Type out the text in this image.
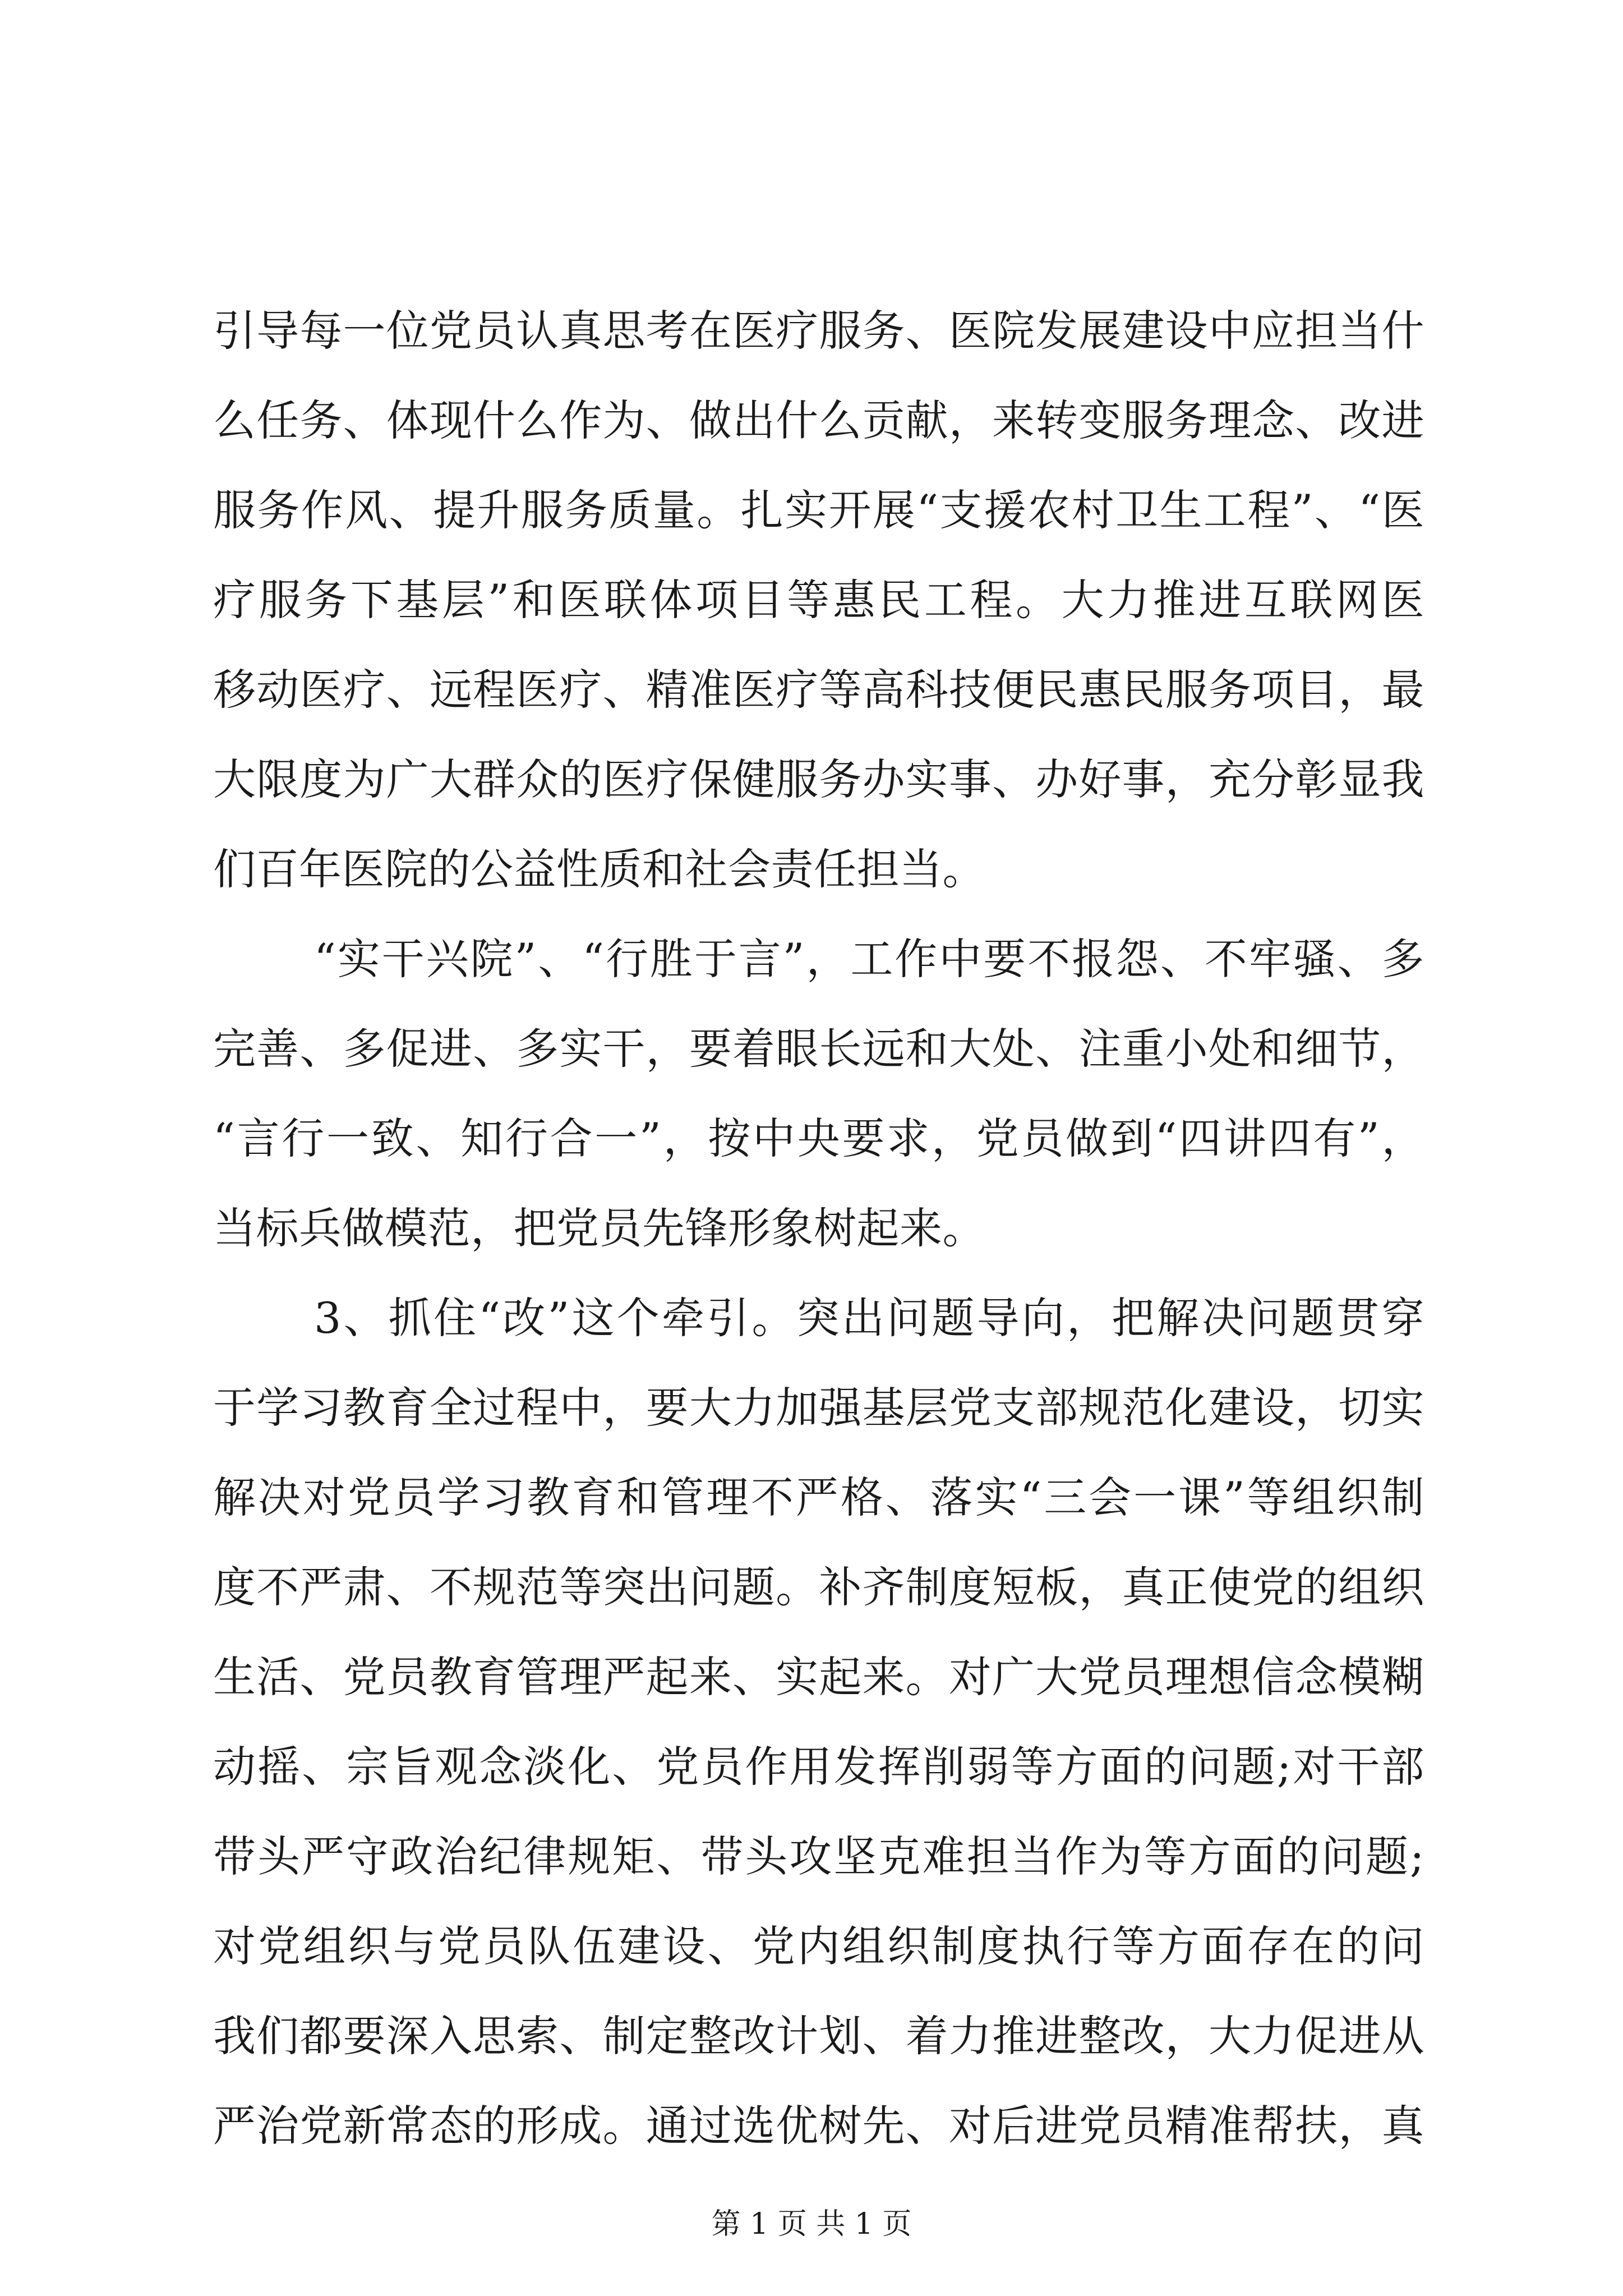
引导每一位党员认真思考在医疗服务、医院发展建设中应担当什
么任务、体现什么作为、做出什么贡献，来转变服务理念、改进
服务作风、提升服务质量。扎实开展“支援农村卫生工程”、“医
疗服务下基层”和医联体项目等惠民工程。大力推进互联网医
移动医疗、远程医疗、精准医疗等高科技便民惠民服务项目，最
大限度为广大群众的医疗保健服务办实事、办好事，充分彰显我
们百年医院的公益性质和社会责任担当。
“实干兴院”、“行胜于言”，工作中要不报怨、不牢骚、多
完善、多促进、多实干，要着眼长远和大处、注重小处和细节，
“言行一致、知行合一”，按中央要求，党员做到“四讲四有”，
当标兵做模范，把党员先锋形象树起来。
3、抓住“改”这个牵引。突出问题导向，把解决问题贯穿
于学习教育全过程中，要大力加强基层党支部规范化建设，切实
解决对党员学习教育和管理不严格、落实“三会一课”等组织制
度不严肃、不规范等突出问题。补齐制度短板，真正使党的组织
生活、党员教育管理严起来、实起来。对广大党员理想信念模糊
动摇、宗旨观念淡化、党员作用发挥削弱等方面的问题;对干部
带头严守政治纪律规矩、带头攻坚克难担当作为等方面的问题;
对党组织与党员队伍建设、党内组织制度执行等方面存在的问
我们都要深入思索、制定整改计划、着力推进整改，大力促进从
严治党新常态的形成。通过选优树先、对后进党员精准帮扶，真
第 1 页 共 1 页
